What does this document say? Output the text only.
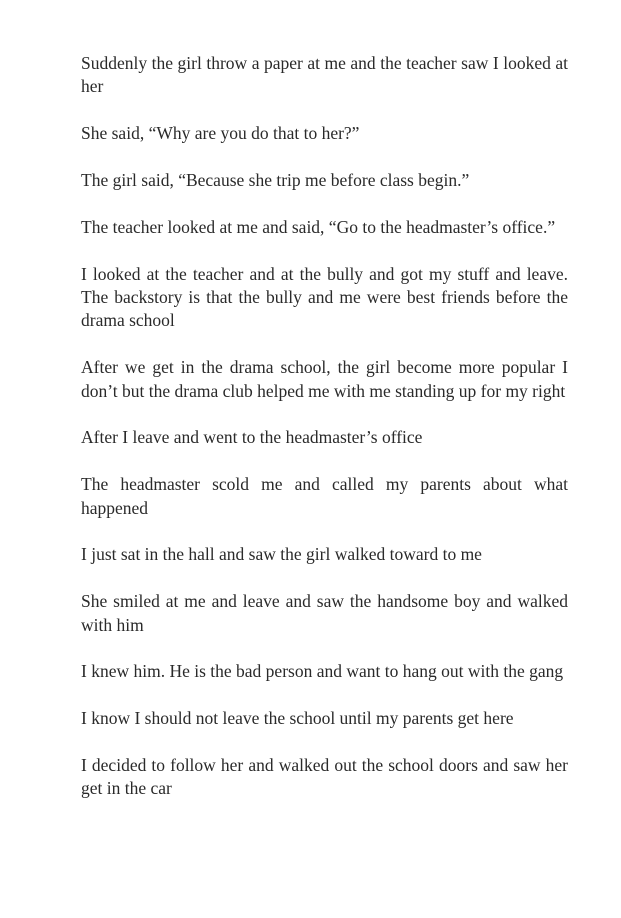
Suddenly the girl throw a paper at me and the teacher saw I looked at her

She said, “Why are you do that to her?”

The girl said, “Because she trip me before class begin.”

The teacher looked at me and said, “Go to the headmaster’s office.”

I looked at the teacher and at the bully and got my stuff and leave. The backstory is that the bully and me were best friends before the drama school

After we get in the drama school, the girl become more popular I don’t but the drama club helped me with me standing up for my right

After I leave and went to the headmaster’s office

The headmaster scold me and called my parents about what happened

I just sat in the hall and saw the girl walked toward to me

She smiled at me and leave and saw the handsome boy and walked with him

I knew him. He is the bad person and want to hang out with the gang

I know I should not leave the school until my parents get here

I decided to follow her and walked out the school doors and saw her get in the car
